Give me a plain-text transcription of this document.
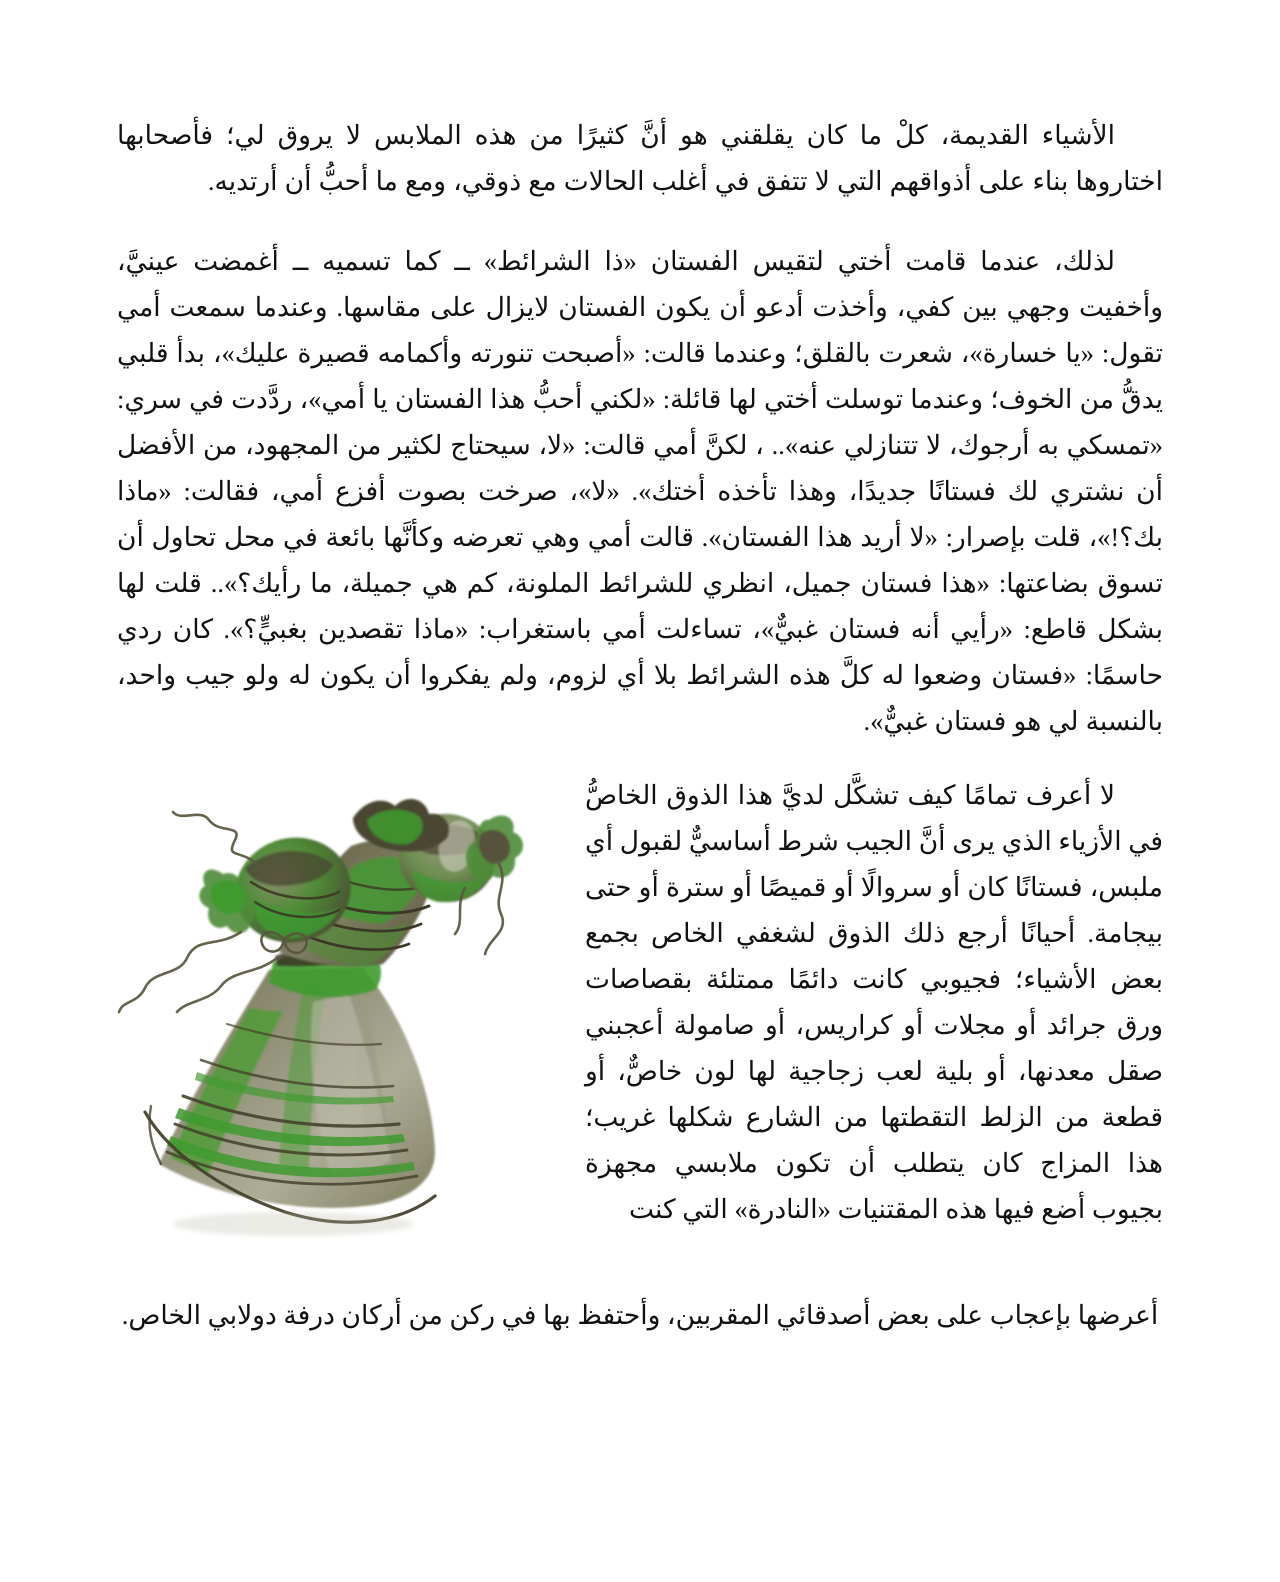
الأشياء القديمة، كلْ ما كان يقلقني هو أنَّ كثيرًا من هذه الملابس لا يروق لي؛ فأصحابها اختاروها بناء على أذواقهم التي لا تتفق في أغلب الحالات مع ذوقي، ومع ما أحبُّ أن أرتديه.

لذلك، عندما قامت أختي لتقيس الفستان «ذا الشرائط» ــ كما تسميه ــ أغمضت عينيَّ، وأخفيت وجهي بين كفي، وأخذت أدعو أن يكون الفستان لايزال على مقاسها. وعندما سمعت أمي تقول: «يا خسارة»، شعرت بالقلق؛ وعندما قالت: «أصبحت تنورته وأكمامه قصيرة عليك»، بدأ قلبي يدقُّ من الخوف؛ وعندما توسلت أختي لها قائلة: «لكني أحبُّ هذا الفستان يا أمي»، ردَّدت في سري: «تمسكي به أرجوك، لا تتنازلي عنه».. ، لكنَّ أمي قالت: «لا، سيحتاج لكثير من المجهود، من الأفضل أن نشتري لك فستانًا جديدًا، وهذا تأخذه أختك». «لا»، صرخت بصوت أفزع أمي، فقالت: «ماذا بك؟!»، قلت بإصرار: «لا أريد هذا الفستان». قالت أمي وهي تعرضه وكأنَّها بائعة في محل تحاول أن تسوق بضاعتها: «هذا فستان جميل، انظري للشرائط الملونة، كم هي جميلة، ما رأيك؟».. قلت لها بشكل قاطع: «رأيي أنه فستان غبيٌّ»، تساءلت أمي باستغراب: «ماذا تقصدين بغبيٍّ؟». كان ردي حاسمًا: «فستان وضعوا له كلَّ هذه الشرائط بلا أي لزوم، ولم يفكروا أن يكون له ولو جيب واحد، بالنسبة لي هو فستان غبيٌّ».

لا أعرف تمامًا كيف تشكَّل لديَّ هذا الذوق الخاصُّ في الأزياء الذي يرى أنَّ الجيب شرط أساسيٌّ لقبول أي ملبس، فستانًا كان أو سروالًا أو قميصًا أو سترة أو حتى بيجامة. أحيانًا أرجع ذلك الذوق لشغفي الخاص بجمع بعض الأشياء؛ فجيوبي كانت دائمًا ممتلئة بقصاصات ورق جرائد أو مجلات أو كراريس، أو صامولة أعجبني صقل معدنها، أو بلية لعب زجاجية لها لون خاصٌّ، أو قطعة من الزلط التقطتها من الشارع شكلها غريب؛ هذا المزاج كان يتطلب أن تكون ملابسي مجهزة بجيوب أضع فيها هذه المقتنيات «النادرة» التي كنت

أعرضها بإعجاب على بعض أصدقائي المقربين، وأحتفظ بها في ركن من أركان درفة دولابي الخاص.
